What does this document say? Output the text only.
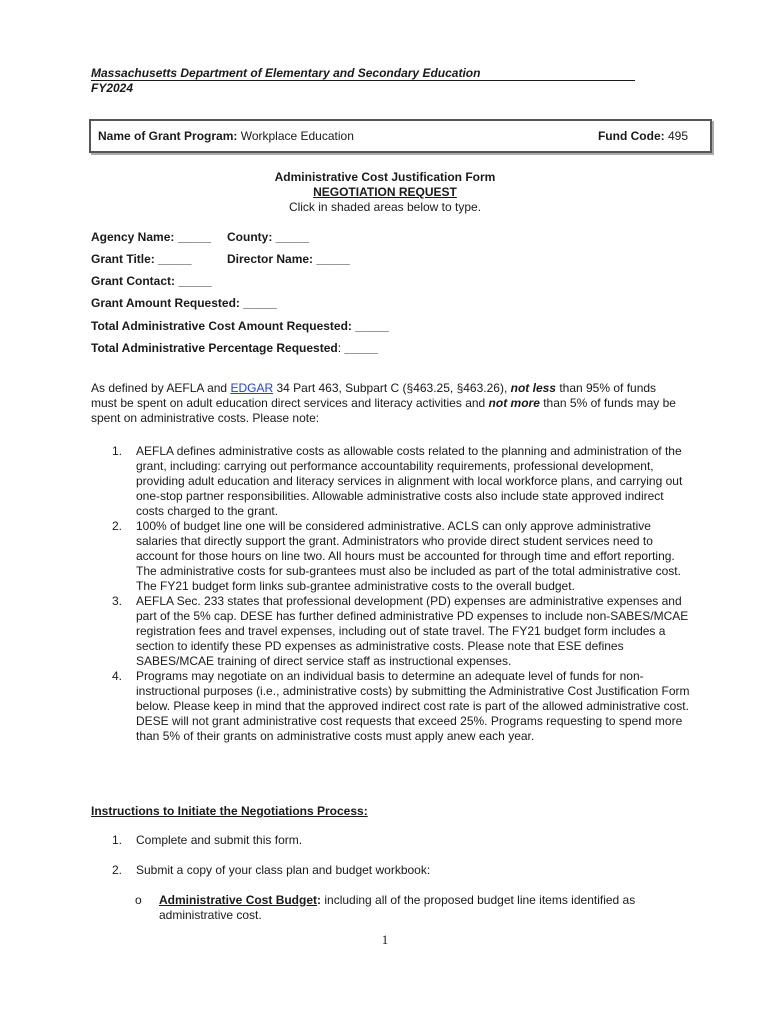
Massachusetts Department of Elementary and Secondary Education
FY2024
Name of Grant Program: Workplace Education	Fund Code: 495
Administrative Cost Justification Form
NEGOTIATION REQUEST
Click in shaded areas below to type.
Agency Name: _____ County: _____
Grant Title: _____	Director Name: _____
Grant Contact: _____
Grant Amount Requested: _____
Total Administrative Cost Amount Requested: _____
Total Administrative Percentage Requested: _____
As defined by AEFLA and EDGAR 34 Part 463, Subpart C (§463.25, §463.26), not less than 95% of funds must be spent on adult education direct services and literacy activities and not more than 5% of funds may be spent on administrative costs. Please note:
1. AEFLA defines administrative costs as allowable costs related to the planning and administration of the grant, including: carrying out performance accountability requirements, professional development, providing adult education and literacy services in alignment with local workforce plans, and carrying out one-stop partner responsibilities. Allowable administrative costs also include state approved indirect costs charged to the grant.
2. 100% of budget line one will be considered administrative. ACLS can only approve administrative salaries that directly support the grant. Administrators who provide direct student services need to account for those hours on line two. All hours must be accounted for through time and effort reporting. The administrative costs for sub-grantees must also be included as part of the total administrative cost. The FY21 budget form links sub-grantee administrative costs to the overall budget.
3. AEFLA Sec. 233 states that professional development (PD) expenses are administrative expenses and part of the 5% cap. DESE has further defined administrative PD expenses to include non-SABES/MCAE registration fees and travel expenses, including out of state travel. The FY21 budget form includes a section to identify these PD expenses as administrative costs. Please note that ESE defines SABES/MCAE training of direct service staff as instructional expenses.
4. Programs may negotiate on an individual basis to determine an adequate level of funds for non-instructional purposes (i.e., administrative costs) by submitting the Administrative Cost Justification Form below. Please keep in mind that the approved indirect cost rate is part of the allowed administrative cost. DESE will not grant administrative cost requests that exceed 25%. Programs requesting to spend more than 5% of their grants on administrative costs must apply anew each year.
Instructions to Initiate the Negotiations Process:
1. Complete and submit this form.
2. Submit a copy of your class plan and budget workbook:
o Administrative Cost Budget: including all of the proposed budget line items identified as administrative cost.
1
